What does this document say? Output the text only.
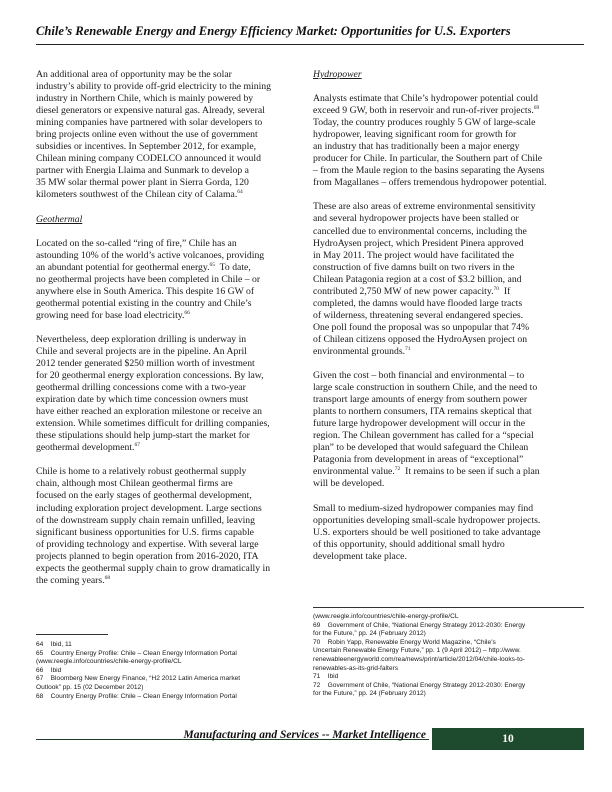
Chile’s Renewable Energy and Energy Efficiency Market: Opportunities for U.S. Exporters

An additional area of opportunity may be the solar
industry’s ability to provide off-grid electricity to the mining
industry in Northern Chile, which is mainly powered by
diesel generators or expensive natural gas. Already, several
mining companies have partnered with solar developers to
bring projects online even without the use of government
subsidies or incentives. In September 2012, for example,
Chilean mining company CODELCO announced it would
partner with Energia Llaima and Sunmark to develop a
35 MW solar thermal power plant in Sierra Gorda, 120
kilometers southwest of the Chilean city of Calama.$^{64}$

Geothermal

Located on the so-called “ring of fire,” Chile has an
astounding 10% of the world’s active volcanoes, providing
an abundant potential for geothermal energy.$^{65}$  To date,
no geothermal projects have been completed in Chile – or
anywhere else in South America. This despite 16 GW of
geothermal potential existing in the country and Chile’s
growing need for base load electricity.$^{66}$

Nevertheless, deep exploration drilling is underway in
Chile and several projects are in the pipeline. An April
2012 tender generated $250 million worth of investment
for 20 geothermal energy exploration concessions. By law,
geothermal drilling concessions come with a two-year
expiration date by which time concession owners must
have either reached an exploration milestone or receive an
extension. While sometimes difficult for drilling companies,
these stipulations should help jump-start the market for
geothermal development.$^{67}$

Chile is home to a relatively robust geothermal supply
chain, although most Chilean geothermal firms are
focused on the early stages of geothermal development,
including exploration project development. Large sections
of the downstream supply chain remain unfilled, leaving
significant business opportunities for U.S. firms capable
of providing technology and expertise. With several large
projects planned to begin operation from 2016-2020, ITA
expects the geothermal supply chain to grow dramatically in
the coming years.$^{68}$

Hydropower

Analysts estimate that Chile’s hydropower potential could
exceed 9 GW, both in reservoir and run-of-river projects.$^{69}$
Today, the country produces roughly 5 GW of large-scale
hydropower, leaving significant room for growth for
an industry that has traditionally been a major energy
producer for Chile. In particular, the Southern part of Chile
– from the Maule region to the basins separating the Aysens
from Magallanes – offers tremendous hydropower potential.

These are also areas of extreme environmental sensitivity
and several hydropower projects have been stalled or
cancelled due to environmental concerns, including the
HydroAysen project, which President Pinera approved
in May 2011. The project would have facilitated the
construction of five damns built on two rivers in the
Chilean Patagonia region at a cost of $3.2 billion, and
contributed 2,750 MW of new power capacity.$^{70}$  If
completed, the damns would have flooded large tracts
of wilderness, threatening several endangered species.
One poll found the proposal was so unpopular that 74%
of Chilean citizens opposed the HydroAysen project on
environmental grounds.$^{71}$

Given the cost – both financial and environmental – to
large scale construction in southern Chile, and the need to
transport large amounts of energy from southern power
plants to northern consumers, ITA remains skeptical that
future large hydropower development will occur in the
region. The Chilean government has called for a “special
plan” to be developed that would safeguard the Chilean
Patagonia from development in areas of “exceptional”
environmental value.$^{72}$  It remains to be seen if such a plan
will be developed.

Small to medium-sized hydropower companies may find
opportunities developing small-scale hydropower projects.
U.S. exporters should be well positioned to take advantage
of this opportunity, should additional small hydro
development take place.

64    Ibid, 11
65    Country Energy Profile: Chile – Clean Energy Information Portal
(www.reegle.info/countries/chile-energy-profile/CL
66    Ibid
67    Bloomberg New Energy Finance, “H2 2012 Latin America market
Outlook” pp. 15 (02 December 2012)
68    Country Energy Profile: Chile – Clean Energy Information Portal
(www.reegle.info/countries/chile-energy-profile/CL
69    Government of Chile, “National Energy Strategy 2012-2030: Energy
for the Future,” pp. 24 (February 2012)
70    Robin Yapp, Renewable Energy World Magazine, “Chile’s
Uncertain Renewable Energy Future,” pp. 1 (9 April 2012) – http://www.
renewableenergyworld.com/rea/news/print/article/2012/04/chile-looks-to-
renewables-as-its-grid-falters
71    Ibid
72    Government of Chile, “National Energy Strategy 2012-2030: Energy
for the Future,” pp. 24 (February 2012)
Manufacturing and Services -- Market Intelligence	10
